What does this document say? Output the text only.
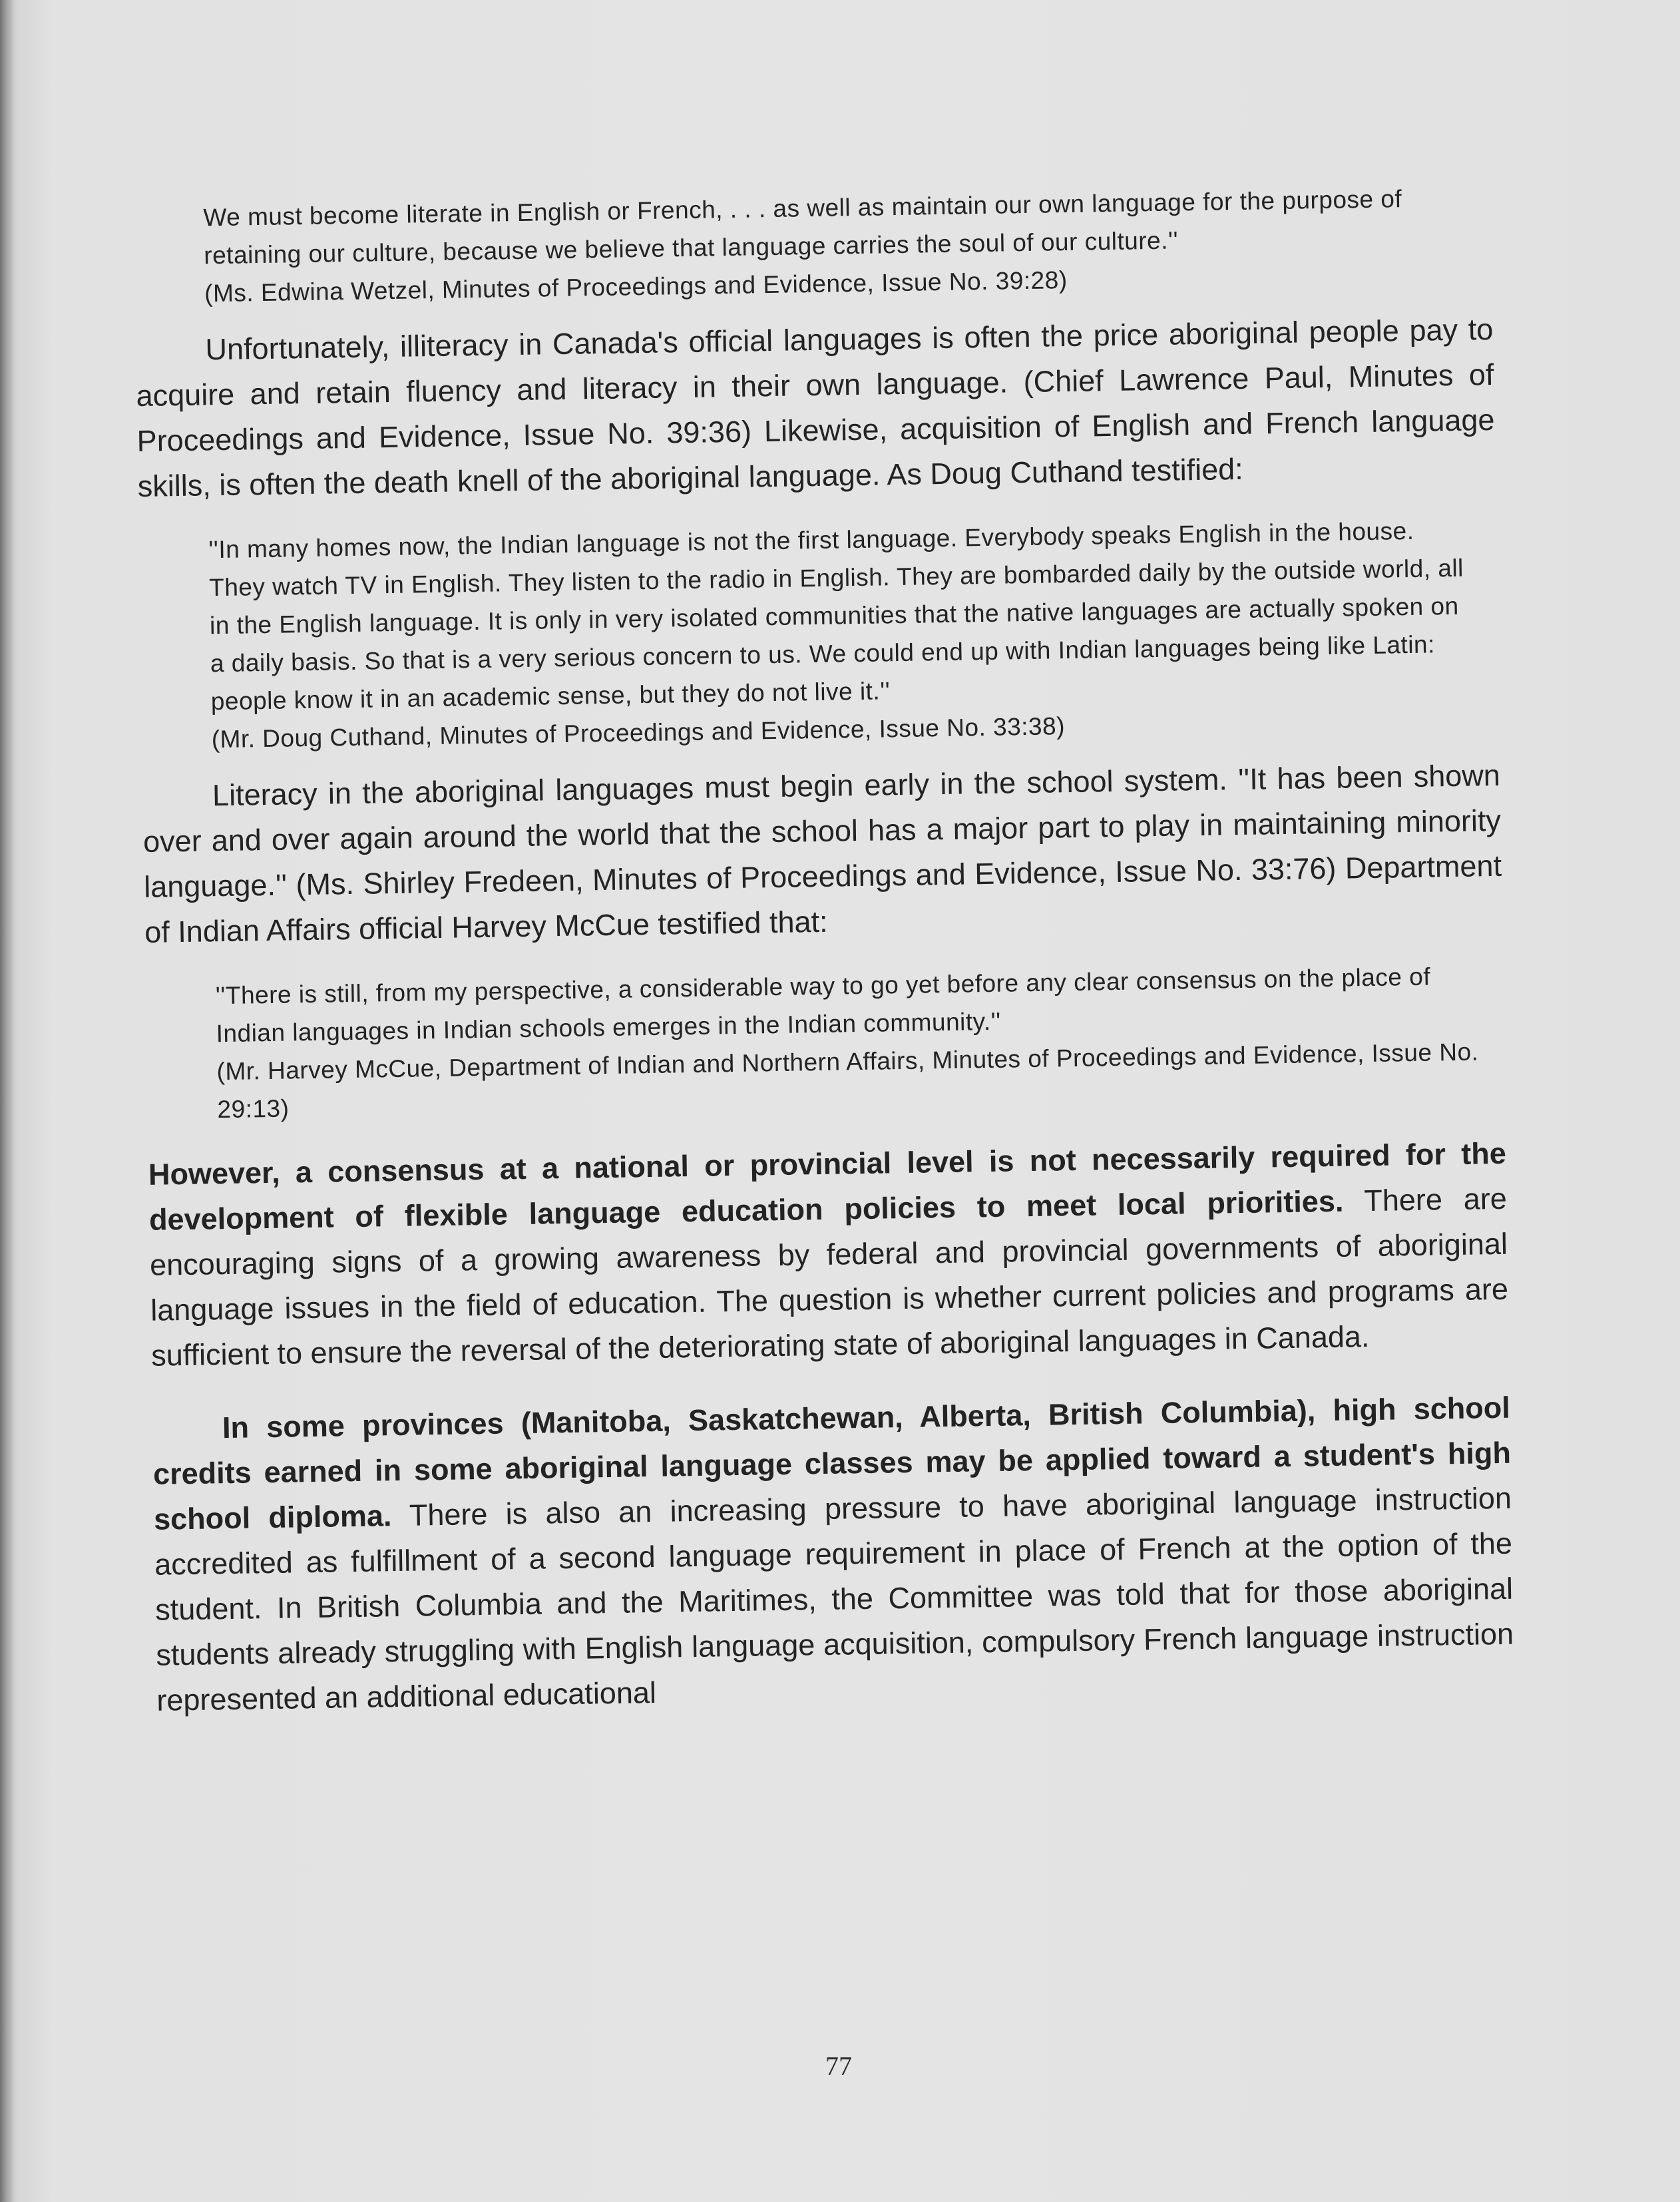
We must become literate in English or French, . . . as well as maintain our own language for the purpose of retaining our culture, because we believe that language carries the soul of our culture.''

(Ms. Edwina Wetzel, Minutes of Proceedings and Evidence, Issue No. 39:28)

Unfortunately, illiteracy in Canada's official languages is often the price aboriginal people pay to acquire and retain fluency and literacy in their own language. (Chief Lawrence Paul, Minutes of Proceedings and Evidence, Issue No. 39:36) Likewise, acquisition of English and French language skills, is often the death knell of the aboriginal language. As Doug Cuthand testified:

''In many homes now, the Indian language is not the first language. Everybody speaks English in the house. They watch TV in English. They listen to the radio in English. They are bombarded daily by the outside world, all in the English language. It is only in very isolated communities that the native languages are actually spoken on a daily basis. So that is a very serious concern to us. We could end up with Indian languages being like Latin: people know it in an academic sense, but they do not live it.''

(Mr. Doug Cuthand, Minutes of Proceedings and Evidence, Issue No. 33:38)

Literacy in the aboriginal languages must begin early in the school system. ''It has been shown over and over again around the world that the school has a major part to play in maintaining minority language.'' (Ms. Shirley Fredeen, Minutes of Proceedings and Evidence, Issue No. 33:76) Department of Indian Affairs official Harvey McCue testified that:

''There is still, from my perspective, a considerable way to go yet before any clear consensus on the place of Indian languages in Indian schools emerges in the Indian community.''

(Mr. Harvey McCue, Department of Indian and Northern Affairs, Minutes of Proceedings and Evidence, Issue No. 29:13)

However, a consensus at a national or provincial level is not necessarily required for the development of flexible language education policies to meet local priorities. There are encouraging signs of a growing awareness by federal and provincial governments of aboriginal language issues in the field of education. The question is whether current policies and programs are sufficient to ensure the reversal of the deteriorating state of aboriginal languages in Canada.

In some provinces (Manitoba, Saskatchewan, Alberta, British Columbia), high school credits earned in some aboriginal language classes may be applied toward a student's high school diploma. There is also an increasing pressure to have aboriginal language instruction accredited as fulfillment of a second language requirement in place of French at the option of the student. In British Columbia and the Maritimes, the Committee was told that for those aboriginal students already struggling with English language acquisition, compulsory French language instruction represented an additional educational

77
